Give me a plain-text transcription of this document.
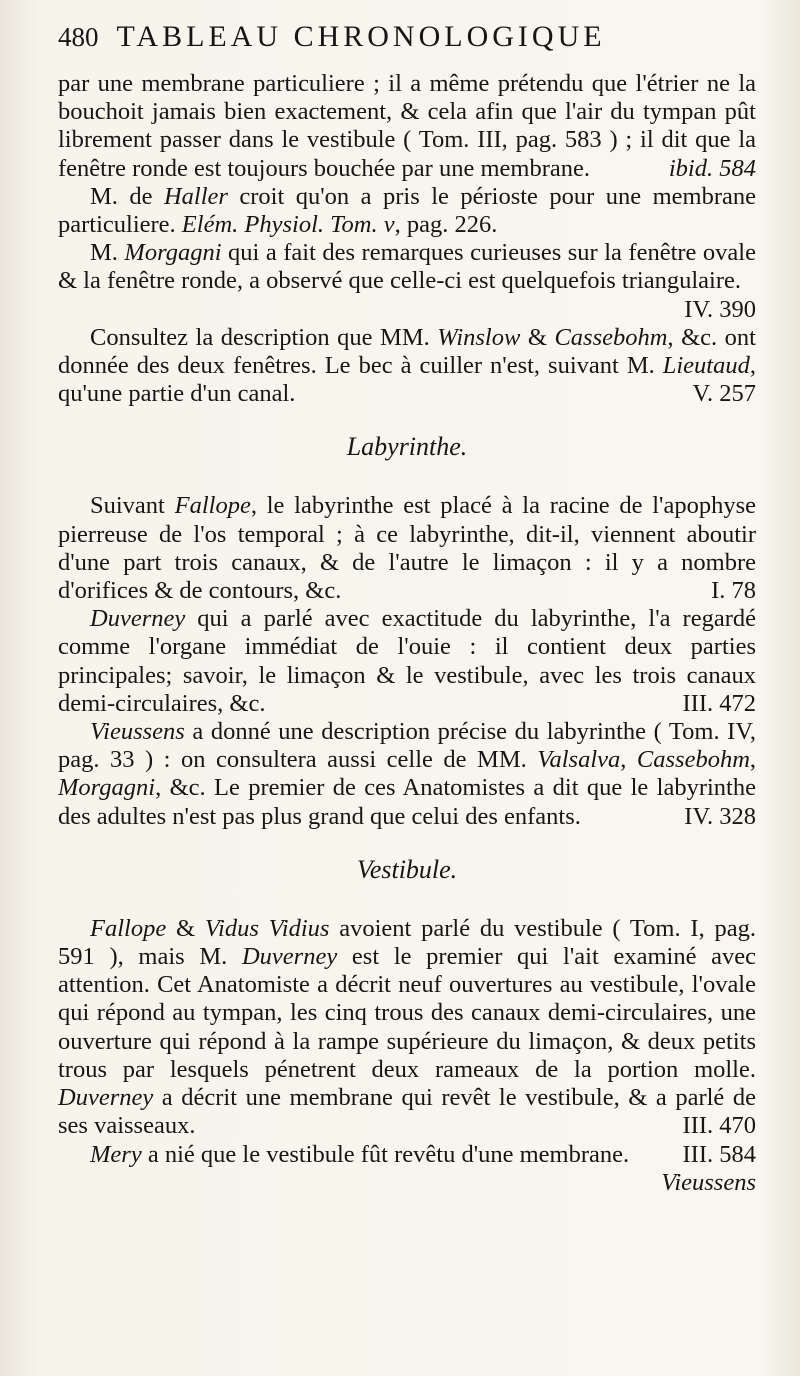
480 TABLEAU CHRONOLOGIQUE

par une membrane particuliere ; il a même prétendu que l'étrier ne la bouchoit jamais bien exactement, & cela afin que l'air du tympan pût librement passer dans le vestibule ( Tom. III, pag. 583 ) ; il dit que la fenêtre ronde est toujours bouchée par une membrane.	ibid. 584

M. de Haller croit qu'on a pris le périoste pour une membrane particuliere. Elém. Physiol. Tom. v, pag. 226.

M. Morgagni qui a fait des remarques curieuses sur la fenêtre ovale & la fenêtre ronde, a observé que celle-ci est quelquefois triangulaire.
IV. 390

Consultez la description que MM. Winslow & Cassebohm, &c. ont donnée des deux fenêtres. Le bec à cuiller n'est, suivant M. Lieutaud, qu'une partie d'un canal.	V. 257

Labyrinthe.

Suivant Fallope, le labyrinthe est placé à la racine de l'apophyse pierreuse de l'os temporal ; à ce labyrinthe, dit-il, viennent aboutir d'une part trois canaux, & de l'autre le limaçon : il y a nombre d'orifices & de contours, &c.	I. 78

Duverney qui a parlé avec exactitude du labyrinthe, l'a regardé comme l'organe immédiat de l'ouie : il contient deux parties principales; savoir, le limaçon & le vestibule, avec les trois canaux demi-circulaires, &c.	III. 472

Vieussens a donné une description précise du labyrinthe ( Tom. IV, pag. 33 ) : on consultera aussi celle de MM. Valsalva, Cassebohm, Morgagni, &c. Le premier de ces Anatomistes a dit que le labyrinthe des adultes n'est pas plus grand que celui des enfants.	IV. 328

Vestibule.

Fallope & Vidus Vidius avoient parlé du vestibule ( Tom. I, pag. 591 ), mais M. Duverney est le premier qui l'ait examiné avec attention. Cet Anatomiste a décrit neuf ouvertures au vestibule, l'ovale qui répond au tympan, les cinq trous des canaux demi-circulaires, une ouverture qui répond à la rampe supérieure du limaçon, & deux petits trous par lesquels pénetrent deux rameaux de la portion molle. Duverney a décrit une membrane qui revêt le vestibule, & a parlé de ses vaisseaux.	III. 470

Mery a nié que le vestibule fût revêtu d'une membrane.	III. 584

Vieussens
